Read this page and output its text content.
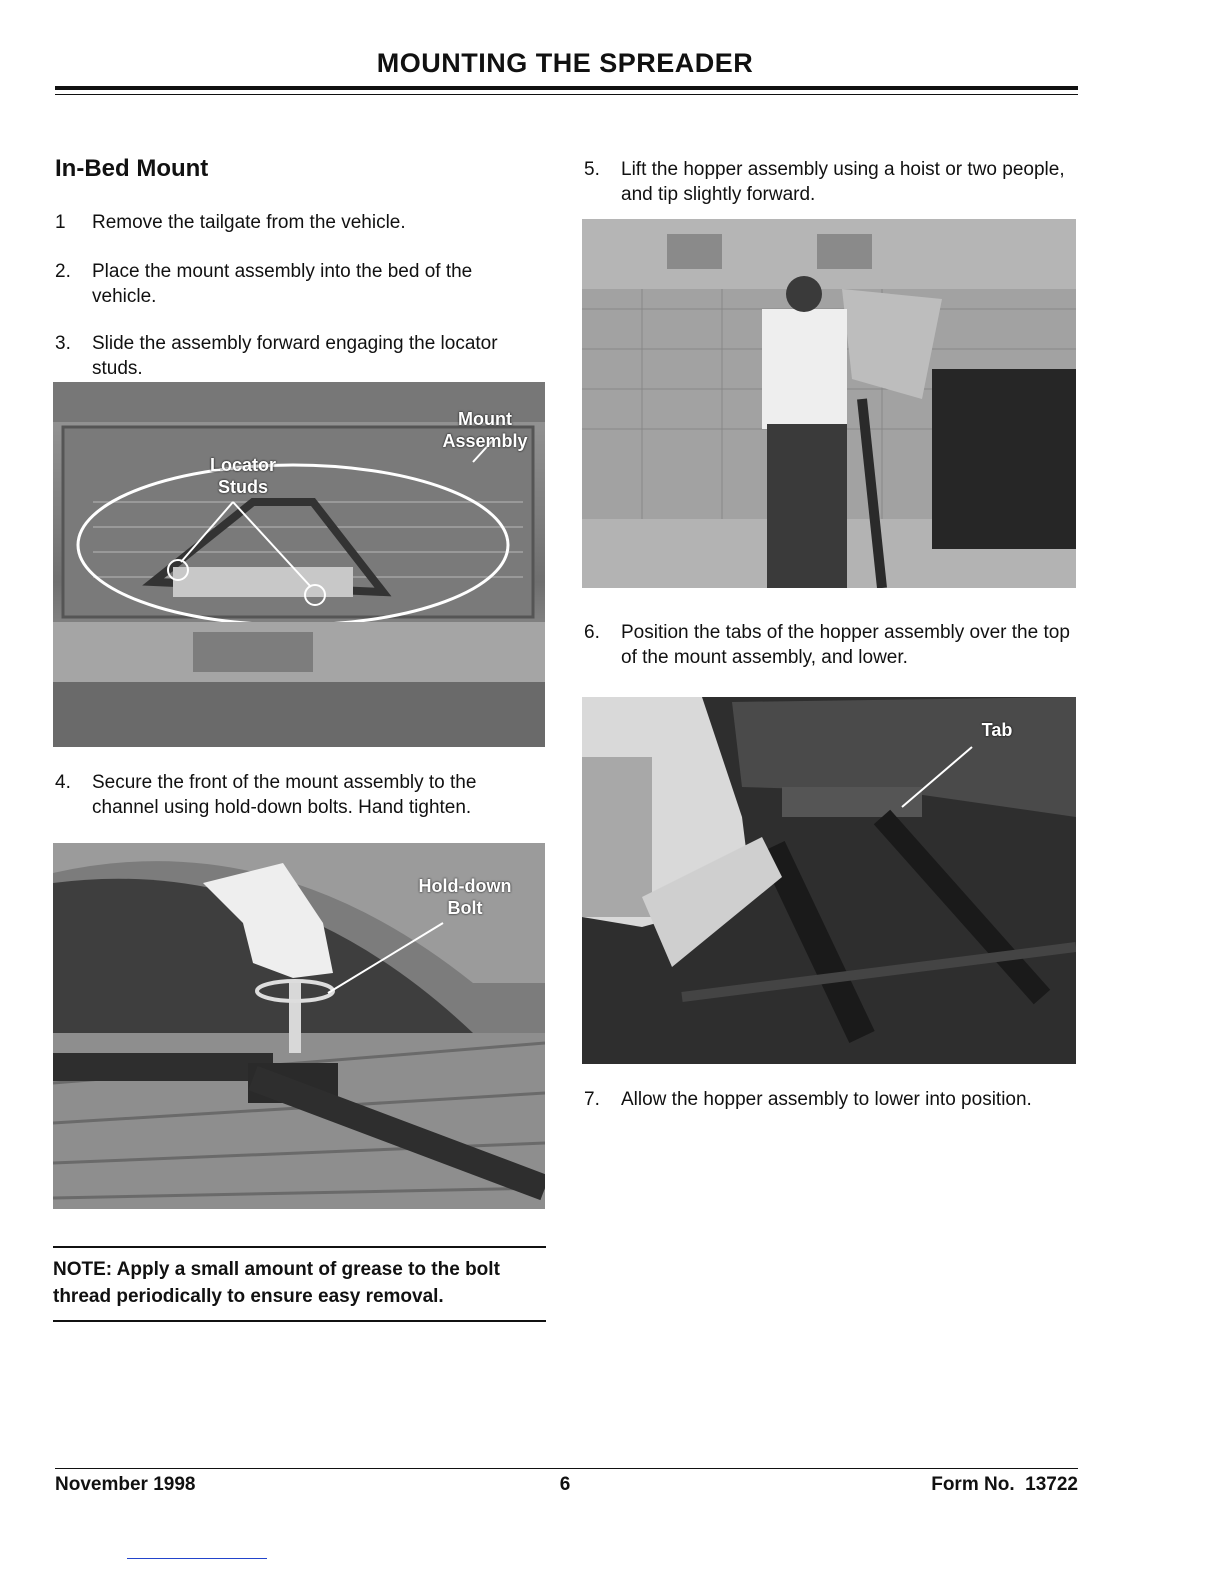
MOUNTING THE SPREADER
In-Bed Mount
1 Remove the tailgate from the vehicle.
2. Place the mount assembly into the bed of the vehicle.
3. Slide the assembly forward engaging the locator studs.
Mount Assembly
Locator Studs
4. Secure the front of the mount assembly to the channel using hold-down bolts. Hand tighten.
Hold-down Bolt
NOTE: Apply a small amount of grease to the bolt thread periodically to ensure easy removal.
5. Lift the hopper assembly using a hoist or two people, and tip slightly forward.
6. Position the tabs of the hopper assembly over the top of the mount assembly, and lower.
Tab
7. Allow the hopper assembly to lower into position.
November 1998	6	Form No.  13722
